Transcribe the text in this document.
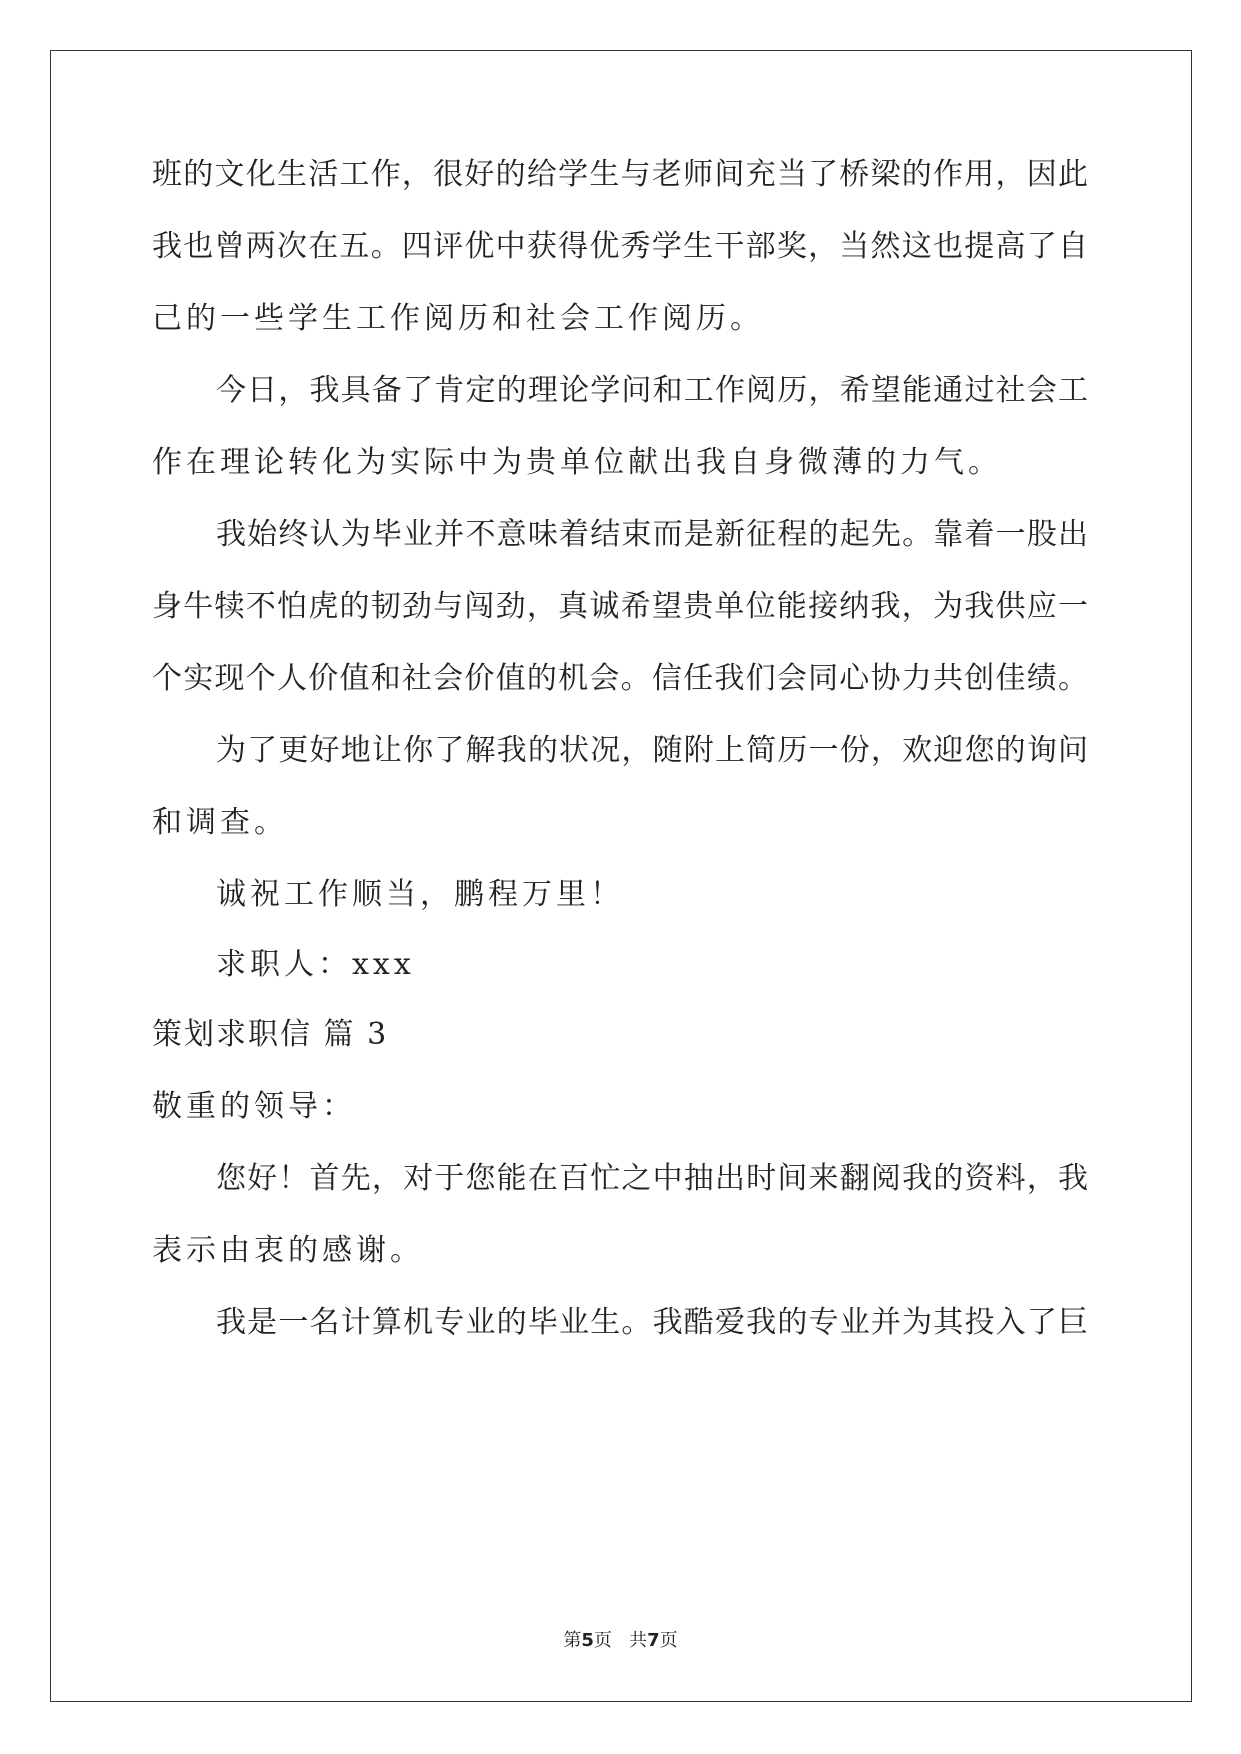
班的文化生活工作，很好的给学生与老师间充当了桥梁的作用，因此
我也曾两次在五。四评优中获得优秀学生干部奖，当然这也提高了自
己的一些学生工作阅历和社会工作阅历。
今日，我具备了肯定的理论学问和工作阅历，希望能通过社会工
作在理论转化为实际中为贵单位献出我自身微薄的力气。
我始终认为毕业并不意味着结束而是新征程的起先。靠着一股出
身牛犊不怕虎的韧劲与闯劲，真诚希望贵单位能接纳我，为我供应一
个实现个人价值和社会价值的机会。信任我们会同心协力共创佳绩。
为了更好地让你了解我的状况，随附上简历一份，欢迎您的询问
和调查。
诚祝工作顺当，鹏程万里！
求职人：xxx
策划求职信 篇 3
敬重的领导：
您好！首先，对于您能在百忙之中抽出时间来翻阅我的资料，我
表示由衷的感谢。
我是一名计算机专业的毕业生。我酷爱我的专业并为其投入了巨
第5页   共7页
